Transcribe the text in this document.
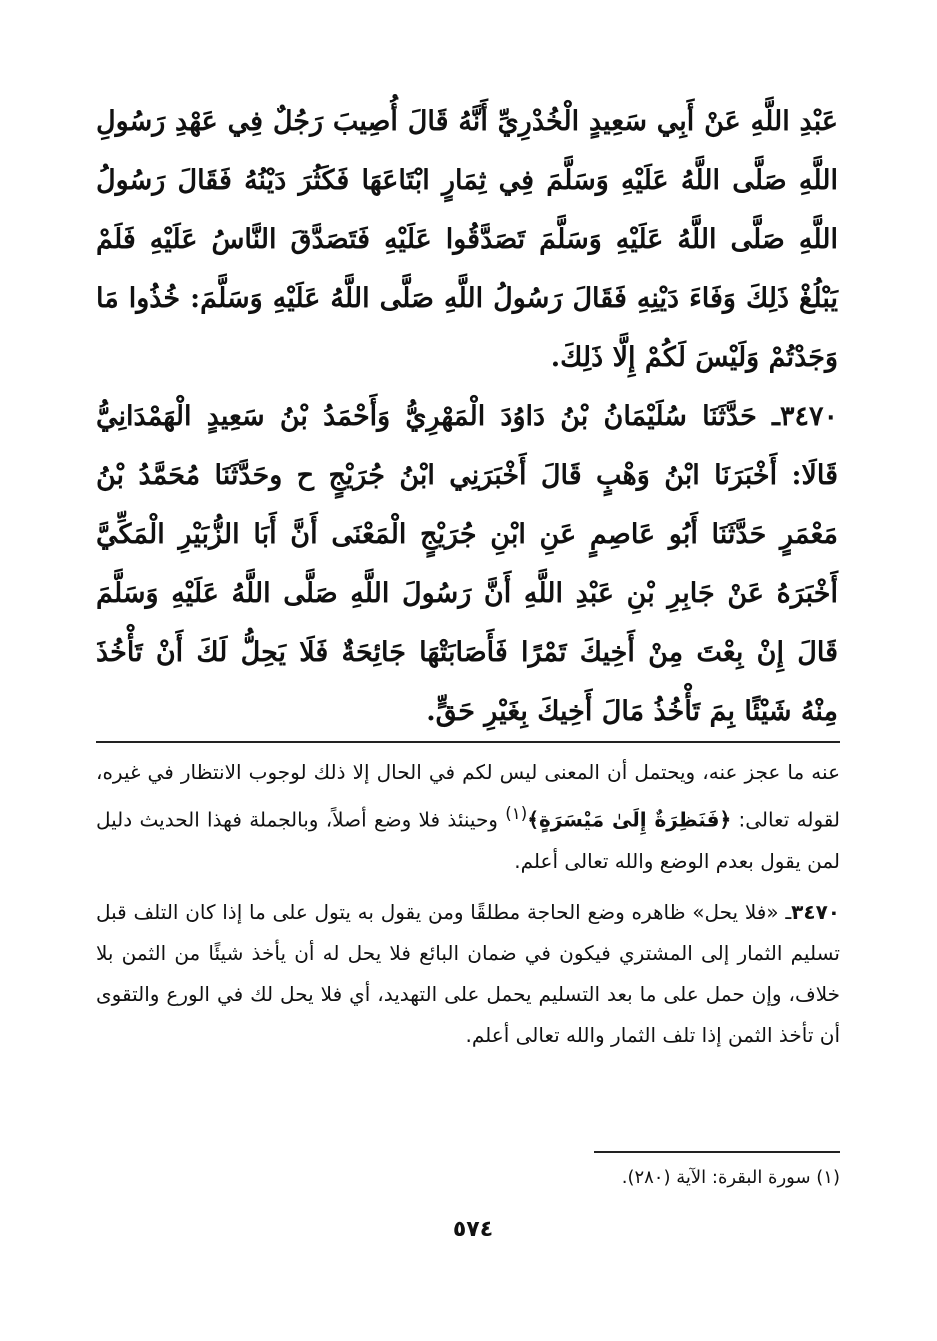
عَبْدِ اللَّهِ عَنْ أَبِي سَعِيدٍ الْخُدْرِيِّ أَنَّهُ قَالَ أُصِيبَ رَجُلٌ فِي عَهْدِ رَسُولِ اللَّهِ صَلَّى اللَّهُ عَلَيْهِ وَسَلَّمَ فِي ثِمَارٍ ابْتَاعَهَا فَكَثُرَ دَيْنُهُ فَقَالَ رَسُولُ اللَّهِ صَلَّى اللَّهُ عَلَيْهِ وَسَلَّمَ تَصَدَّقُوا عَلَيْهِ فَتَصَدَّقَ النَّاسُ عَلَيْهِ فَلَمْ يَبْلُغْ ذَلِكَ وَفَاءَ دَيْنِهِ فَقَالَ رَسُولُ اللَّهِ صَلَّى اللَّهُ عَلَيْهِ وَسَلَّمَ: خُذُوا مَا وَجَدْتُمْ وَلَيْسَ لَكُمْ إِلَّا ذَلِكَ.

٣٤٧٠ـ حَدَّثَنَا سُلَيْمَانُ بْنُ دَاوُدَ الْمَهْرِيُّ وَأَحْمَدُ بْنُ سَعِيدٍ الْهَمْدَانِيُّ قَالَا: أَخْبَرَنَا ابْنُ وَهْبٍ قَالَ أَخْبَرَنِي ابْنُ جُرَيْجٍ ح وحَدَّثَنَا مُحَمَّدُ بْنُ مَعْمَرٍ حَدَّثَنَا أَبُو عَاصِمٍ عَنِ ابْنِ جُرَيْجٍ الْمَعْنَى أَنَّ أَبَا الزُّبَيْرِ الْمَكِّيَّ أَخْبَرَهُ عَنْ جَابِرِ بْنِ عَبْدِ اللَّهِ أَنَّ رَسُولَ اللَّهِ صَلَّى اللَّهُ عَلَيْهِ وَسَلَّمَ قَالَ إِنْ بِعْتَ مِنْ أَخِيكَ تَمْرًا فَأَصَابَتْهَا جَائِحَةٌ فَلَا يَحِلُّ لَكَ أَنْ تَأْخُذَ مِنْهُ شَيْئًا بِمَ تَأْخُذُ مَالَ أَخِيكَ بِغَيْرِ حَقٍّ.

عنه ما عجز عنه، ويحتمل أن المعنى ليس لكم في الحال إلا ذلك لوجوب الانتظار في غيره، لقوله تعالى: ﴿فَنَظِرَةٌ إِلَىٰ مَيْسَرَةٍ﴾$^{(١)}$ وحينئذ فلا وضع أصلاً، وبالجملة فهذا الحديث دليل لمن يقول بعدم الوضع والله تعالى أعلم.

٣٤٧٠ـ «فلا يحل» ظاهره وضع الحاجة مطلقًا ومن يقول به يتول على ما إذا كان التلف قبل تسليم الثمار إلى المشتري فيكون في ضمان البائع فلا يحل له أن يأخذ شيئًا من الثمن بلا خلاف، وإن حمل على ما بعد التسليم يحمل على التهديد، أي فلا يحل لك في الورع والتقوى أن تأخذ الثمن إذا تلف الثمار والله تعالى أعلم.

(١) سورة البقرة: الآية (٢٨٠).
٥٧٤
